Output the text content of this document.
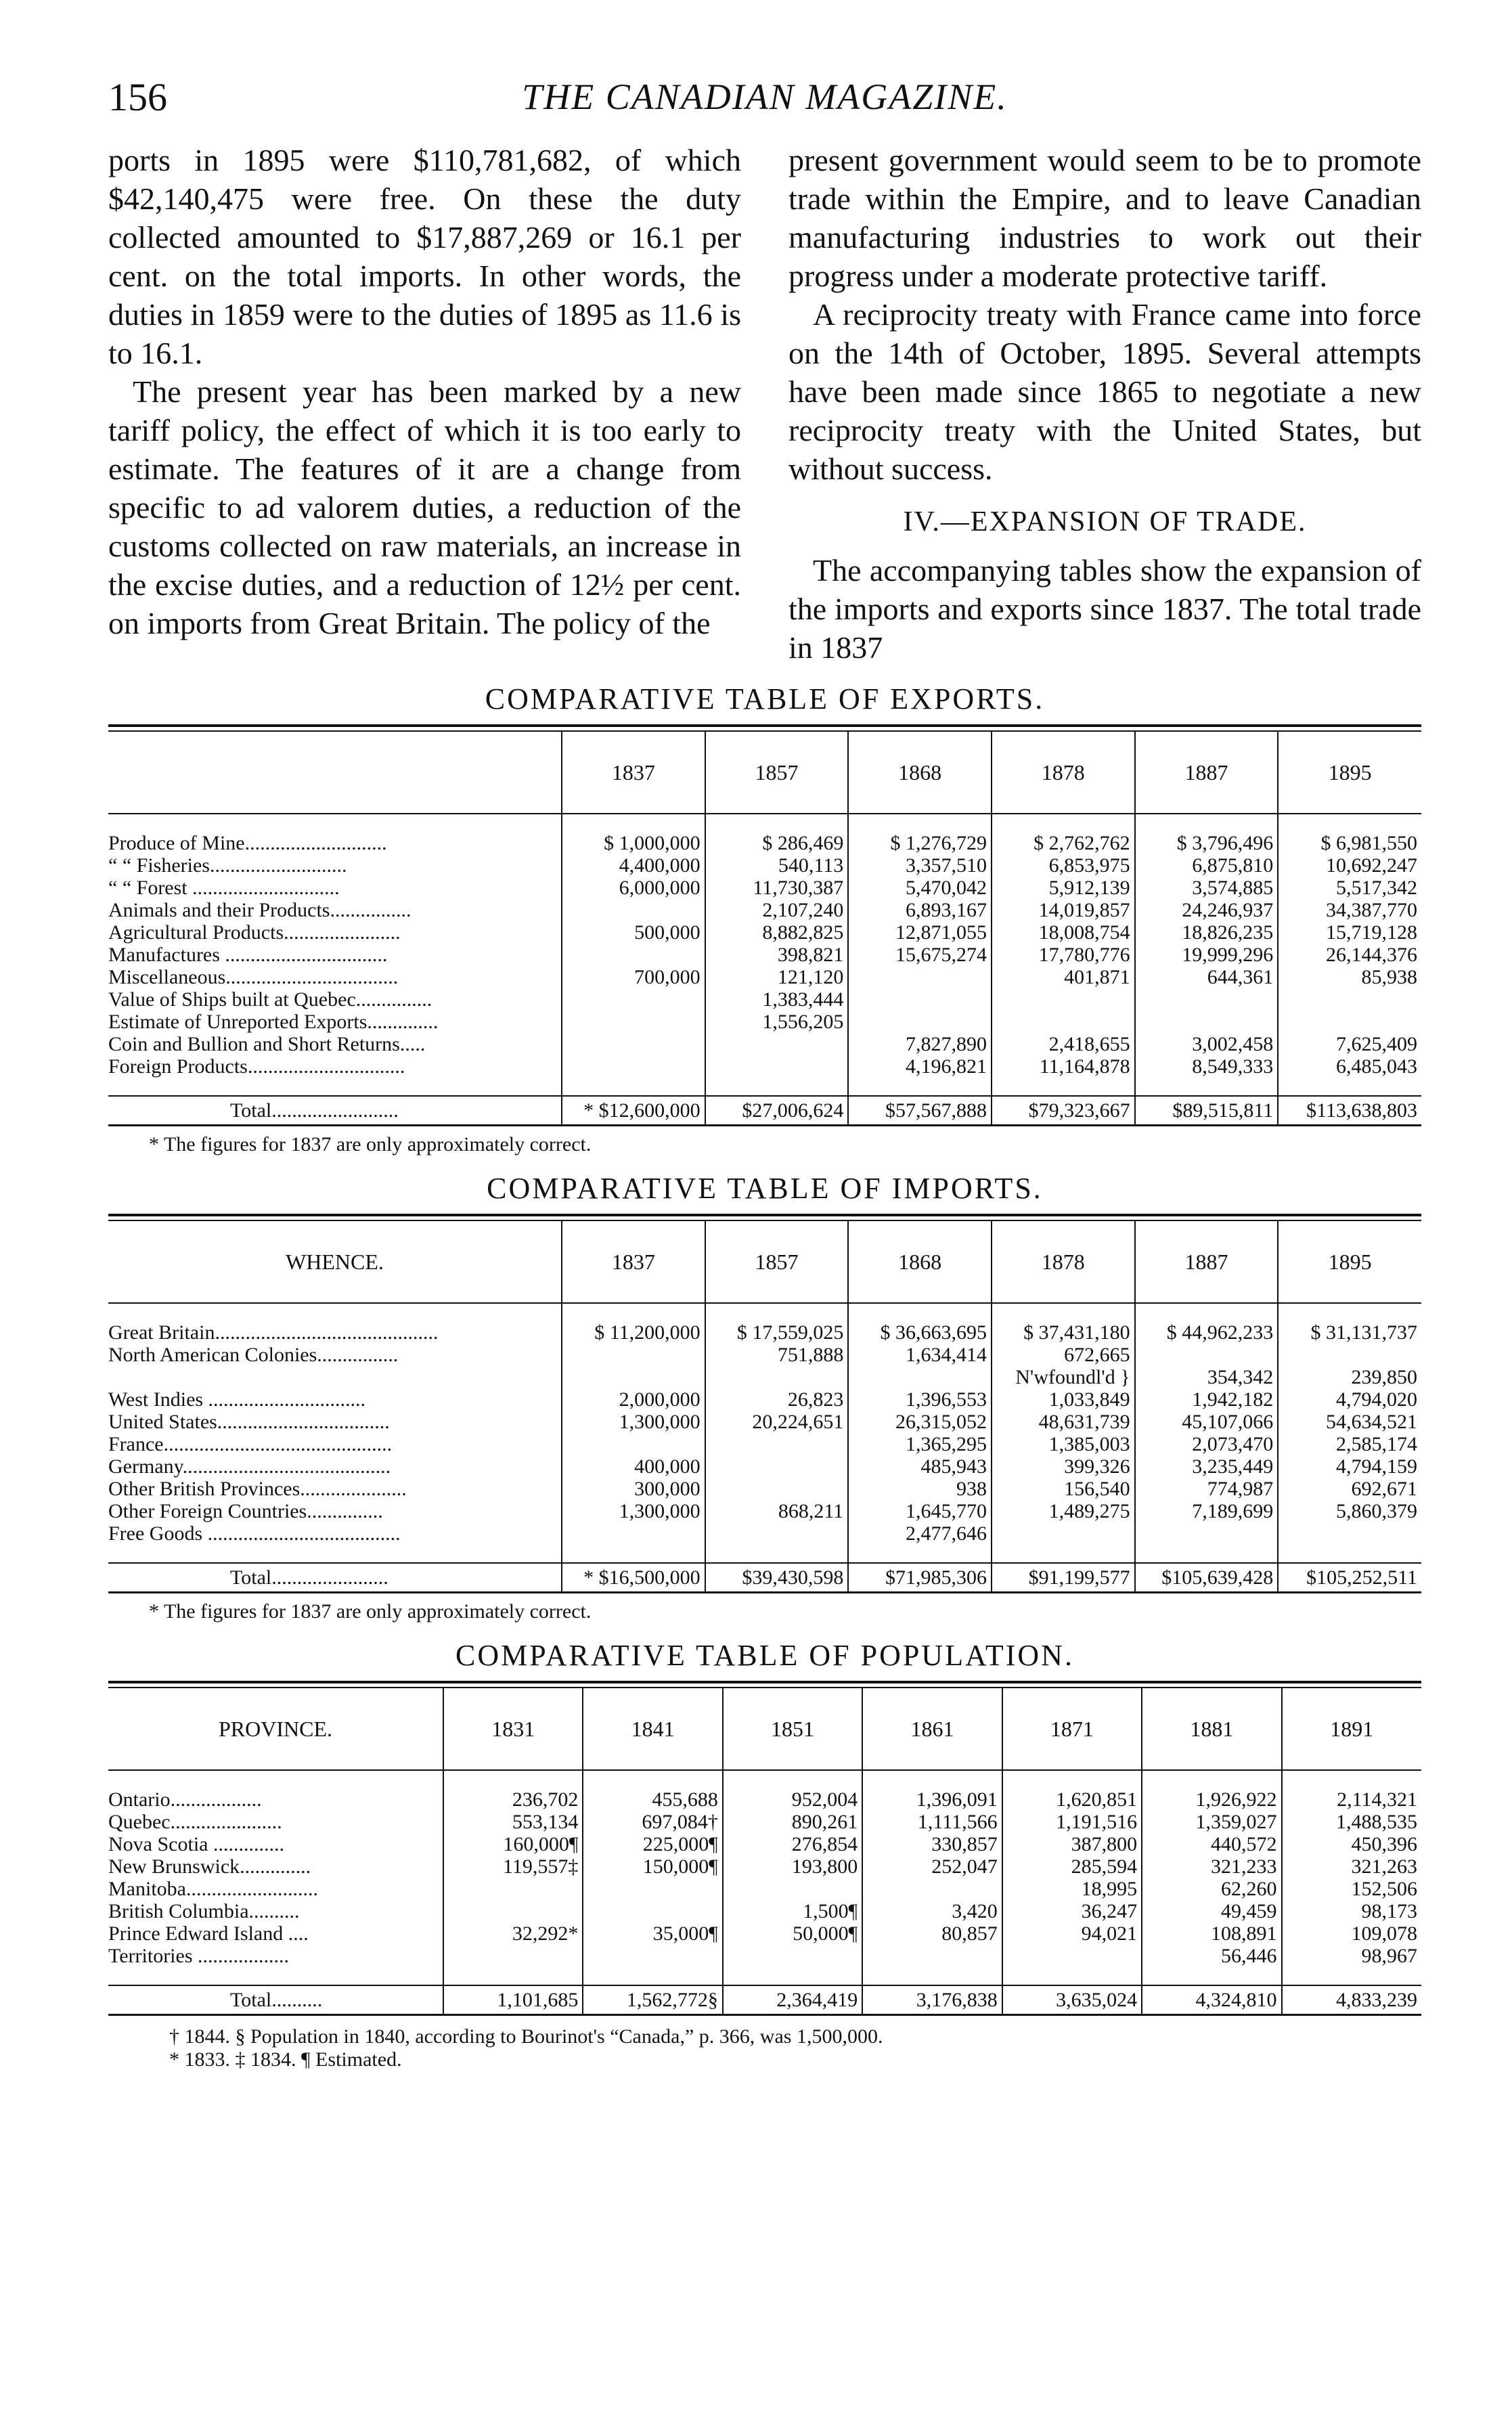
156	THE CANADIAN MAGAZINE.

ports in 1895 were $110,781,682, of which $42,140,475 were free. On these the duty collected amounted to $17,887,269 or 16.1 per cent. on the total imports. In other words, the duties in 1859 were to the duties of 1895 as 11.6 is to 16.1.

The present year has been marked by a new tariff policy, the effect of which it is too early to estimate. The features of it are a change from specific to ad valorem duties, a reduction of the customs collected on raw materials, an increase in the excise duties, and a reduction of 12½ per cent. on imports from Great Britain. The policy of the

present government would seem to be to promote trade within the Empire, and to leave Canadian manufacturing industries to work out their progress under a moderate protective tariff.

A reciprocity treaty with France came into force on the 14th of October, 1895. Several attempts have been made since 1865 to negotiate a new reciprocity treaty with the United States, but without success.

IV.—EXPANSION OF TRADE.

The accompanying tables show the expansion of the imports and exports since 1837. The total trade in 1837

COMPARATIVE TABLE OF EXPORTS.
	1837	1857	1868	1878	1887	1895

Produce of Mine............................	$ 1,000,000	$ 286,469	$ 1,276,729	$ 2,762,762	$ 3,796,496	$ 6,981,550
“ “ Fisheries...........................	4,400,000	540,113	3,357,510	6,853,975	6,875,810	10,692,247
“ “ Forest .............................	6,000,000	11,730,387	5,470,042	5,912,139	3,574,885	5,517,342
Animals and their Products................		2,107,240	6,893,167	14,019,857	24,246,937	34,387,770
Agricultural Products.......................	500,000	8,882,825	12,871,055	18,008,754	18,826,235	15,719,128
Manufactures ................................		398,821	15,675,274	17,780,776	19,999,296	26,144,376
Miscellaneous..................................	700,000	121,120		401,871	644,361	85,938
Value of Ships built at Quebec...............		1,383,444				
Estimate of Unreported Exports..............		1,556,205				
Coin and Bullion and Short Returns.....			7,827,890	2,418,655	3,002,458	7,625,409
Foreign Products...............................			4,196,821	11,164,878	8,549,333	6,485,043

Total.........................	* $12,600,000	$27,006,624	$57,567,888	$79,323,667	$89,515,811	$113,638,803
* The figures for 1837 are only approximately correct.
COMPARATIVE TABLE OF IMPORTS.
WHENCE.	1837	1857	1868	1878	1887	1895

Great Britain............................................	$ 11,200,000	$ 17,559,025	$ 36,663,695	$ 37,431,180	$ 44,962,233	$ 31,131,737
North American Colonies................		751,888	1,634,414	672,665		
				N'wfoundl'd }	354,342	239,850
West Indies ...............................	2,000,000	26,823	1,396,553	1,033,849	1,942,182	4,794,020
United States..................................	1,300,000	20,224,651	26,315,052	48,631,739	45,107,066	54,634,521
France.............................................			1,365,295	1,385,003	2,073,470	2,585,174
Germany.........................................	400,000		485,943	399,326	3,235,449	4,794,159
Other British Provinces.....................	300,000		938	156,540	774,987	692,671
Other Foreign Countries...............	1,300,000	868,211	1,645,770	1,489,275	7,189,699	5,860,379
Free Goods ......................................			2,477,646			

Total.......................	* $16,500,000	$39,430,598	$71,985,306	$91,199,577	$105,639,428	$105,252,511
* The figures for 1837 are only approximately correct.
COMPARATIVE TABLE OF POPULATION.
PROVINCE.	1831	1841	1851	1861	1871	1881	1891

Ontario..................	236,702	455,688	952,004	1,396,091	1,620,851	1,926,922	2,114,321
Quebec......................	553,134	697,084†	890,261	1,111,566	1,191,516	1,359,027	1,488,535
Nova Scotia ..............	160,000¶	225,000¶	276,854	330,857	387,800	440,572	450,396
New Brunswick..............	119,557‡	150,000¶	193,800	252,047	285,594	321,233	321,263
Manitoba..........................					18,995	62,260	152,506
British Columbia..........			1,500¶	3,420	36,247	49,459	98,173
Prince Edward Island ....	32,292*	35,000¶	50,000¶	80,857	94,021	108,891	109,078
Territories ..................						56,446	98,967

Total..........	1,101,685	1,562,772§	2,364,419	3,176,838	3,635,024	4,324,810	4,833,239
† 1844. § Population in 1840, according to Bourinot's “Canada,” p. 366, was 1,500,000.
* 1833. ‡ 1834. ¶ Estimated.
